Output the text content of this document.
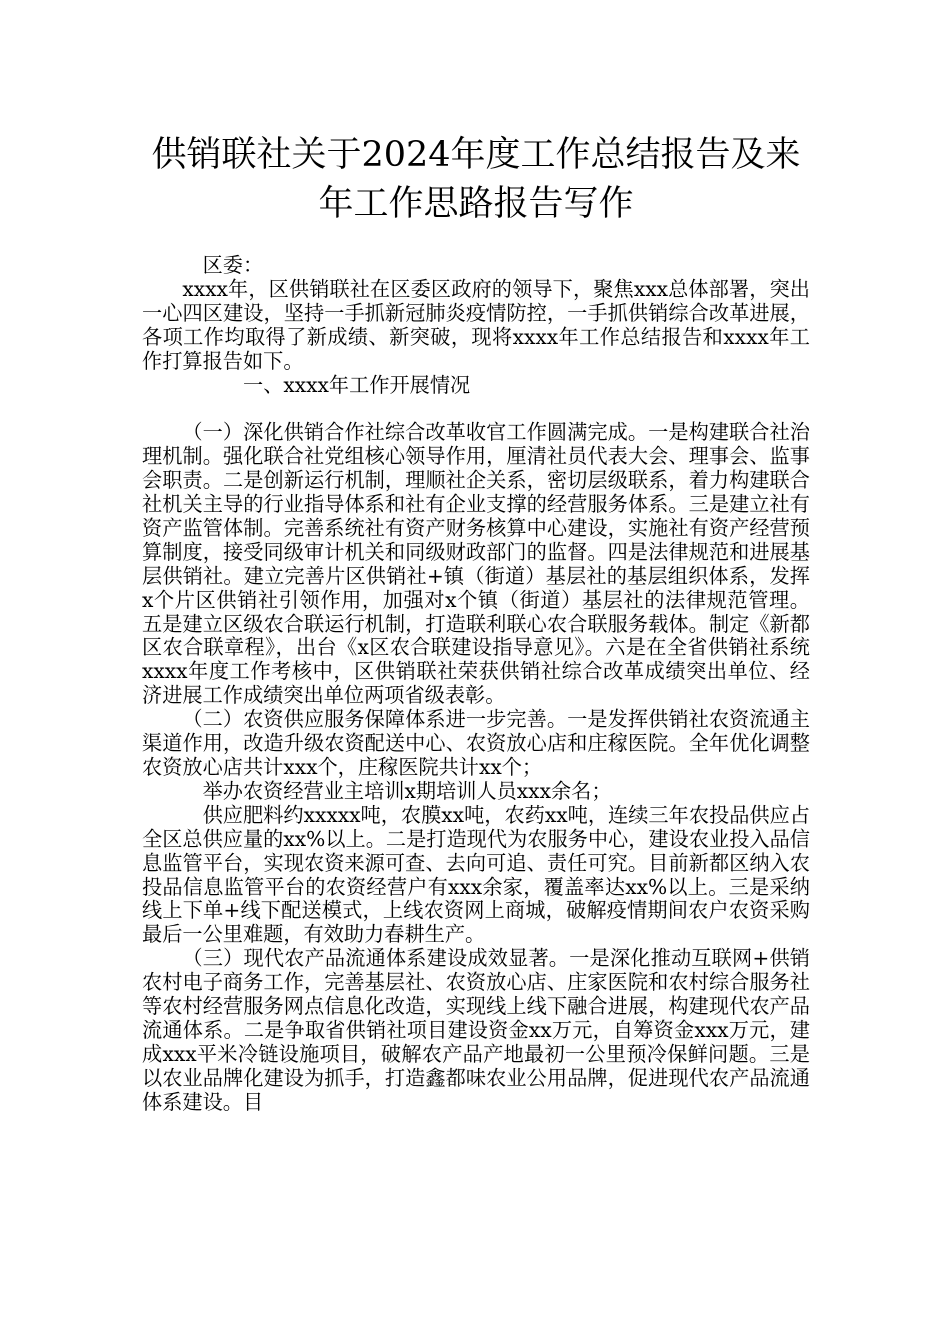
供销联社关于2024年度工作总结报告及来年工作思路报告写作

区委：

xxxx年，区供销联社在区委区政府的领导下，聚焦xxx总体部署，突出一心四区建设，坚持一手抓新冠肺炎疫情防控，一手抓供销综合改革进展，各项工作均取得了新成绩、新突破，现将xxxx年工作总结报告和xxxx年工作打算报告如下。

一、xxxx年工作开展情况

（一）深化供销合作社综合改革收官工作圆满完成。一是构建联合社治理机制。强化联合社党组核心领导作用，厘清社员代表大会、理事会、监事会职责。二是创新运行机制，理顺社企关系，密切层级联系，着力构建联合社机关主导的行业指导体系和社有企业支撑的经营服务体系。三是建立社有资产监管体制。完善系统社有资产财务核算中心建设，实施社有资产经营预算制度，接受同级审计机关和同级财政部门的监督。四是法律规范和进展基层供销社。建立完善片区供销社+镇（街道）基层社的基层组织体系，发挥x个片区供销社引领作用，加强对x个镇（街道）基层社的法律规范管理。五是建立区级农合联运行机制，打造联利联心农合联服务载体。制定《新都区农合联章程》，出台《x区农合联建设指导意见》。六是在全省供销社系统xxxx年度工作考核中，区供销联社荣获供销社综合改革成绩突出单位、经济进展工作成绩突出单位两项省级表彰。

（二）农资供应服务保障体系进一步完善。一是发挥供销社农资流通主渠道作用，改造升级农资配送中心、农资放心店和庄稼医院。全年优化调整农资放心店共计xxx个，庄稼医院共计xx个；

举办农资经营业主培训x期培训人员xxx余名；

供应肥料约xxxxx吨，农膜xx吨，农药xx吨，连续三年农投品供应占全区总供应量的xx%以上。二是打造现代为农服务中心，建设农业投入品信息监管平台，实现农资来源可查、去向可追、责任可究。目前新都区纳入农投品信息监管平台的农资经营户有xxx余家，覆盖率达xx%以上。三是采纳线上下单+线下配送模式，上线农资网上商城，破解疫情期间农户农资采购最后一公里难题，有效助力春耕生产。

（三）现代农产品流通体系建设成效显著。一是深化推动互联网+供销农村电子商务工作，完善基层社、农资放心店、庄家医院和农村综合服务社等农村经营服务网点信息化改造，实现线上线下融合进展，构建现代农产品流通体系。二是争取省供销社项目建设资金xx万元，自筹资金xxx万元，建成xxx平米冷链设施项目，破解农产品产地最初一公里预冷保鲜问题。三是以农业品牌化建设为抓手，打造鑫都味农业公用品牌，促进现代农产品流通体系建设。目
